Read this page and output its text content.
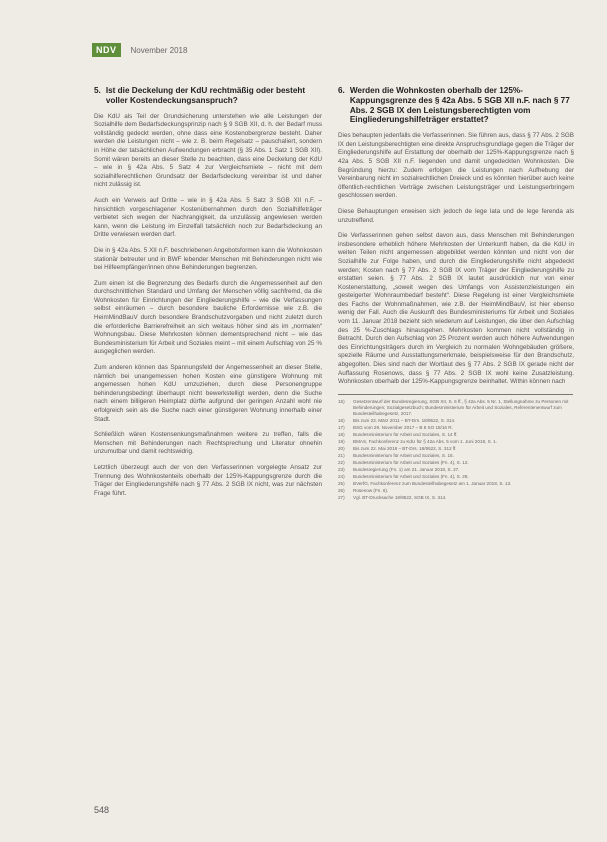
NDV	November 2018
5. Ist die Deckelung der KdU rechtmäßig oder besteht voller Kostendeckungsanspruch?

Die KdU als Teil der Grundsicherung unterstehen wie alle Leistungen der Sozialhilfe dem Bedarfsdeckungsprinzip nach § 9 SGB XII, d. h. der Bedarf muss vollständig gedeckt werden, ohne dass eine Kostenobergrenze besteht. Daher werden die Leistungen nicht – wie z. B. beim Regelsatz – pauschaliert, sondern in Höhe der tatsächlichen Aufwendungen erbracht (§ 35 Abs. 1 Satz 1 SGB XII). Somit wären bereits an dieser Stelle zu beachten, dass eine Deckelung der KdU – wie in § 42a Abs. 5 Satz 4 zur Vergleichsmiete – nicht mit dem sozialhilferechtlichen Grundsatz der Bedarfsdeckung vereinbar ist und daher nicht zulässig ist.

Auch ein Verweis auf Dritte – wie in § 42a Abs. 5 Satz 3 SGB XII n.F. – hinsichtlich vorgeschlagener Kostenübernahmen durch den Sozialhilfeträger verbietet sich wegen der Nachrangigkeit, da unzulässig angewiesen werden kann, wenn die Leistung im Einzelfall tatsächlich noch zur Bedarfsdeckung an Dritte verwiesen werden darf.

Die in § 42a Abs. 5 XII n.F. beschriebenen Angebotsformen kann die Wohnkosten stationär betreuter und in BWF lebender Menschen mit Behinderungen nicht wie bei Hilfeempfänger/innen ohne Behinderungen begrenzen.

Zum einen ist die Begrenzung des Bedarfs durch die Angemessenheit auf den durchschnittlichen Standard und Umfang der Menschen völlig sachfremd, da die Wohnkosten für Einrichtungen der Eingliederungshilfe – wie die Verfassungen selbst einräumen – durch besondere bauliche Erfordernisse wie z.B. die HeimMindBauV durch besondere Brandschutzvorgaben und nicht zuletzt durch die erforderliche Barrierefreiheit an sich weitaus höher sind als im „normalen“ Wohnungsbau. Diese Mehrkosten können dementsprechend nicht – wie das Bundesministerium für Arbeit und Soziales meint – mit einem Aufschlag von 25 % ausgeglichen werden.

Zum anderen können das Spannungsfeld der Angemessenheit an dieser Stelle, nämlich bei unangemessen hohen Kosten eine günstigere Wohnung mit angemessen hohen KdU umzuziehen, durch diese Personengruppe behinderungsbedingt überhaupt nicht bewerkstelligt werden, denn die Suche nach einem billigeren Heimplatz dürfte aufgrund der geringen Anzahl wohl nie erfolgreich sein als die Suche nach einer günstigeren Wohnung innerhalb einer Stadt.

Schließlich wären Kostensenkungsmaßnahmen weitere zu treffen, falls die Menschen mit Behinderungen nach Rechtsprechung und Literatur ohnehin unzumutbar und damit rechtswidrig.

Letztlich überzeugt auch der von den Verfasserinnen vorgelegte Ansatz zur Trennung des Wohnkostenteils oberhalb der 125%-Kappungsgrenze durch die Träger der Eingliederungshilfe nach § 77 Abs. 2 SGB IX nicht, was zur nächsten Frage führt.

6. Werden die Wohnkosten oberhalb der 125%-Kappungsgrenze des § 42a Abs. 5 SGB XII n.F. nach § 77 Abs. 2 SGB IX den Leistungsberechtigten vom Eingliederungshilfeträger erstattet?

Dies behaupten jedenfalls die Verfasserinnen. Sie führen aus, dass § 77 Abs. 2 SGB IX den Leistungsberechtigten eine direkte Anspruchsgrundlage gegen die Träger der Eingliederungshilfe auf Erstattung der oberhalb der 125%-Kappungsgrenze nach § 42a Abs. 5 SGB XII n.F. liegenden und damit ungedeckten Wohnkosten. Die Begründung hierzu: Zudem erfolgen die Leistungen nach Aufhebung der Vereinbarung nicht im sozialrechtlichen Dreieck und es könnten hierüber auch keine öffentlich-rechtlichen Verträge zwischen Leistungsträger und Leistungserbringern geschlossen werden.

Diese Behauptungen erweisen sich jedoch de lege lata und de lege ferenda als unzutreffend.

Die Verfasserinnen gehen selbst davon aus, dass Menschen mit Behinderungen insbesondere erheblich höhere Mehrkosten der Unterkunft haben, da die KdU in weiten Teilen nicht angemessen abgebildet werden könnten und nicht von der Sozialhilfe zur Folge haben, und durch die Eingliederungshilfe nicht abgedeckt werden; Kosten nach § 77 Abs. 2 SGB IX vom Träger der Eingliederungshilfe zu erstatten seien. § 77 Abs. 2 SGB IX lautet ausdrücklich nur von einer Kostenerstattung, „soweit wegen des Umfangs von Assistenzleistungen ein gesteigerter Wohnraumbedarf besteht“. Diese Regelung ist einer Vergleichsmiete des Fachs der Wohnmaßnahmen, wie z.B. der HeimMindBauV, ist hier ebenso wenig der Fall. Auch die Auskunft des Bundesministeriums für Arbeit und Soziales vom 11. Januar 2018 bezieht sich wiederum auf Leistungen, die über den Aufschlag des 25 %-Zuschlags hinausgehen. Mehrkosten kommen nicht vollständig in Betracht. Durch den Aufschlag von 25 Prozent werden auch höhere Aufwendungen des Einrichtungsträgers durch im Vergleich zu normalen Wohngebäuden größere, spezielle Räume und Ausstattungsmerkmale, beispielsweise für den Brandschutz, abgegolten. Dies sind nach der Wortlaut des § 77 Abs. 2 SGB IX gerade nicht der Auffassung Rosenows, dass § 77 Abs. 2 SGB IX wohl keine Zusatzleistung. Wohnkosten oberhalb der 125%-Kappungsgrenze beinhaltet. Within können nach

15)	Gesetzentwurf der Bundesregierung, SGB XII, S. 6 ff., § 42a Abs. 5 Nr. 1, Stellungnahme zu Personen mit Behinderungen; Sozialgesetzbuch; Bundesministerium für Arbeit und Soziales, Referentenentwurf zum Bundesteilhabegesetz, 2017.
16)	Bis zum 23. März 2011 – BT-Drs. 18/9522, S. 314.
17)	BSG vom 29. November 2017 – B 8 SO 18/16 R.
18)	Bundesministerium für Arbeit und Soziales, S. 14 ff.
19)	BMAS, Fachkonferenz zu KdU für § 42a Abs. 5 vom 1. Juni 2018, S. 1.
20)	Bis zum 22. Mai 2018 – BT-Drs. 18/9522, S. 312 ff.
21)	Bundesministerium für Arbeit und Soziales, S. 15.
22)	Bundesministerium für Arbeit und Soziales (Fn. 4), S. 12.
23)	Bundesregierung (Fn. 1) am 21. Januar 2018, S. 27.
24)	Bundesministerium für Arbeit und Soziales (Fn. 4), S. 28.
25)	BVerfG, Fachkonferenz zum Bundesteilhabegesetz am 1. Januar 2018, S. 13.
26)	Rosenow (Fn. 6).
27)	Vgl. BT-Drucksache 18/9522, SGB IX, S. 314.
548
